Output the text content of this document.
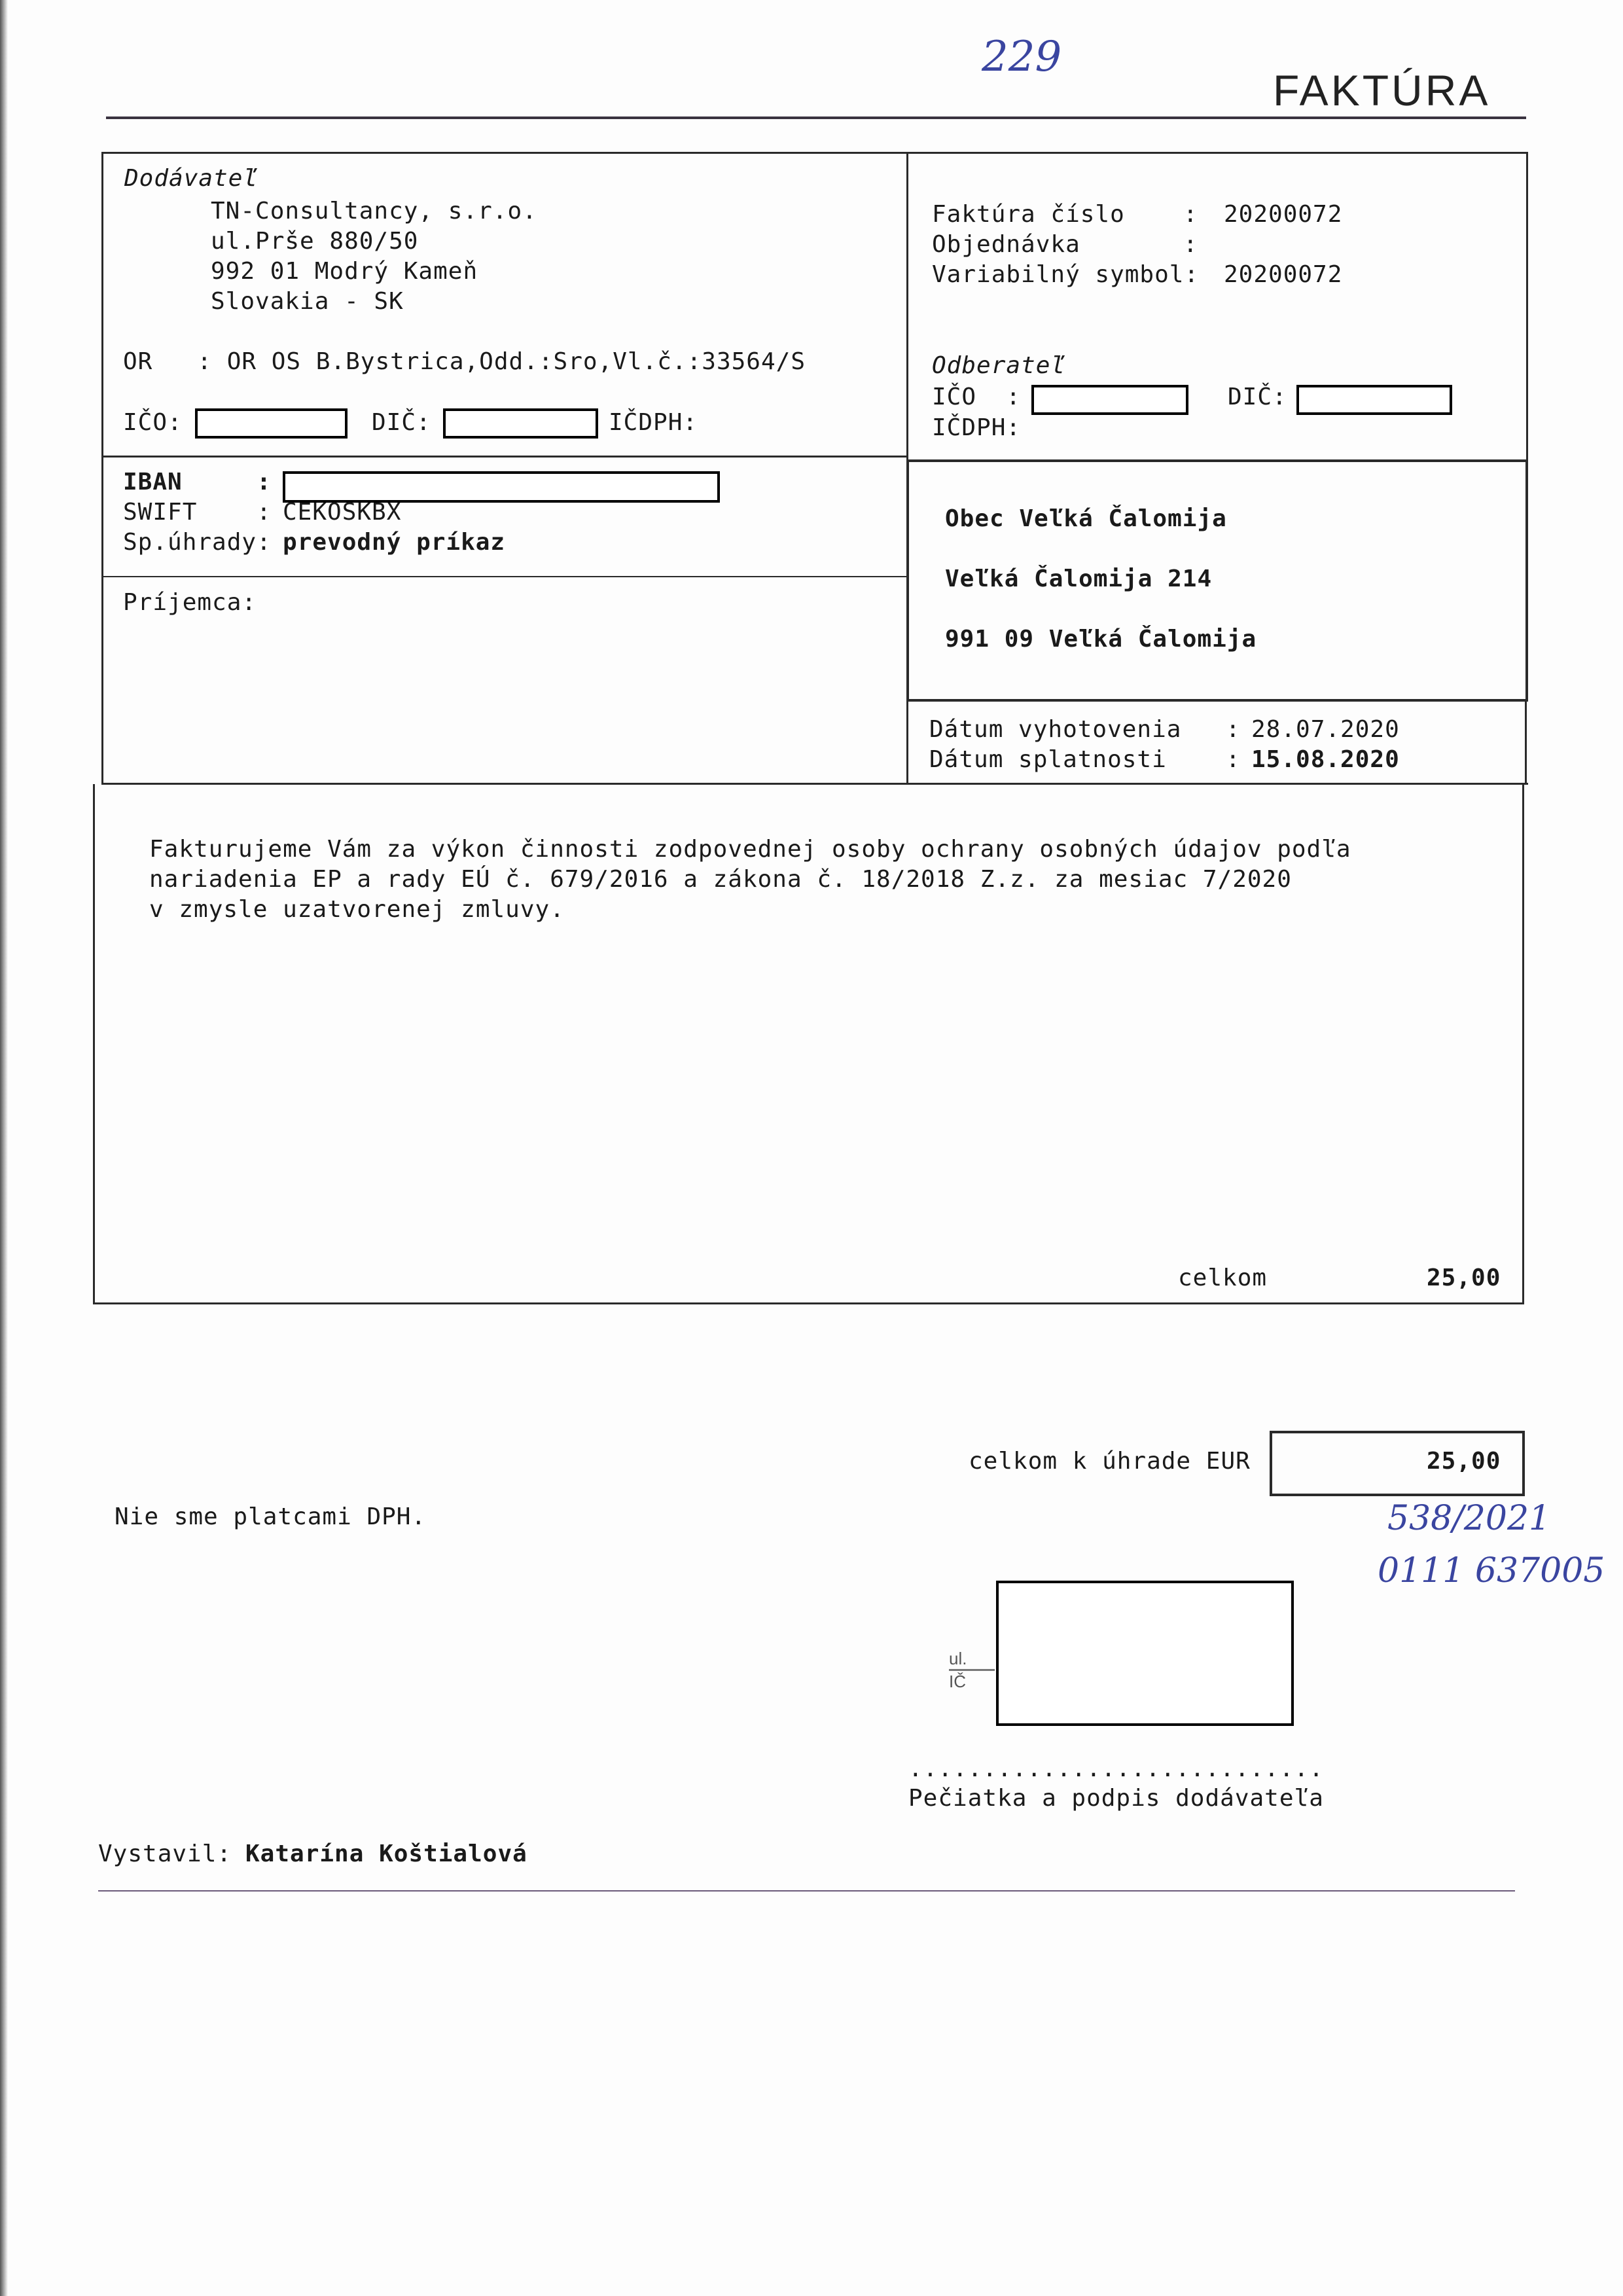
229
FAKTÚRA
Dodávateľ
TN-Consultancy, s.r.o.
ul.Prše 880/50
992 01 Modrý Kameň
Slovakia - SK
OR   : OR OS B.Bystrica,Odd.:Sro,Vl.č.:33564/S
IČO:	DIČ:	IČDPH:
Faktúra číslo : 20200072
Objednávka	:
Variabilný symbol: 20200072
Odberateľ
IČO  :	DIČ:
IČDPH:
Obec Veľká Čalomija
Veľká Čalomija 214
991 09 Veľká Čalomija
IBAN     :
SWIFT    : CEKOSKBX
Sp.úhrady: prevodný príkaz
Príjemca:
Dátum vyhotovenia : 28.07.2020
Dátum splatnosti	: 15.08.2020
Fakturujeme Vám za výkon činnosti zodpovednej osoby ochrany osobných údajov podľa
nariadenia EP a rady EÚ č. 679/2016 a zákona č. 18/2018 Z.z. za mesiac 7/2020
v zmysle uzatvorenej zmluvy.
celkom	25,00
celkom k úhrade EUR	25,00
Nie sme platcami DPH.	538/2021
0111 637005
ul.
IČ
............................
Pečiatka a podpis dodávateľa
Vystavil: Katarína Koštialová
